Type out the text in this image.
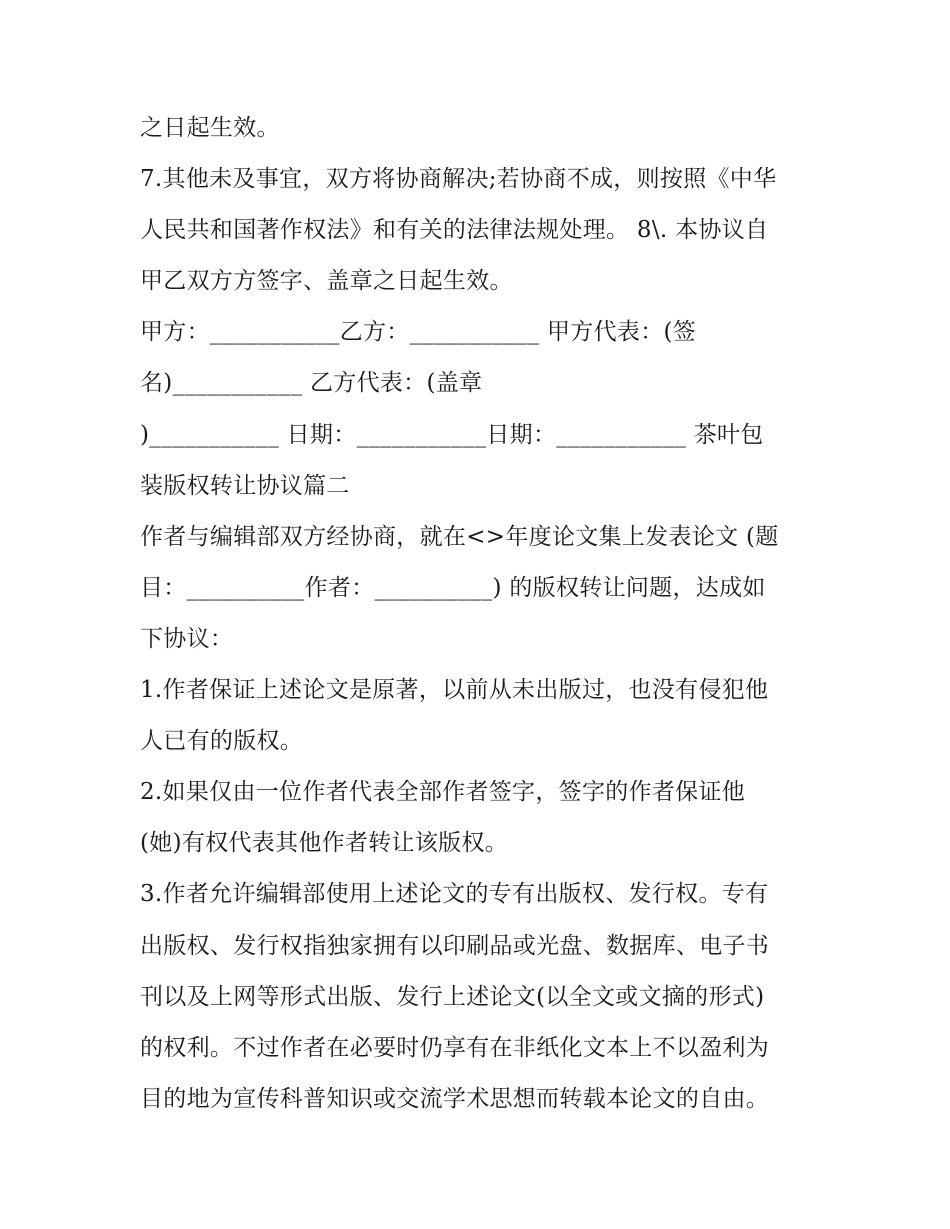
之日起生效。
7.其他未及事宜，双方将协商解决;若协商不成，则按照《中华
人民共和国著作权法》和有关的法律法规处理。 8\. 本协议自
甲乙双方方签字、盖章之日起生效。
甲方：___________乙方：___________ 甲方代表：(签
名)___________ 乙方代表：(盖章
)___________ 日期：___________日期：___________ 茶叶包
装版权转让协议篇二
作者与编辑部双方经协商，就在<>年度论文集上发表论文 (题
目：__________作者：__________) 的版权转让问题，达成如
下协议：
1.作者保证上述论文是原著，以前从未出版过，也没有侵犯他
人已有的版权。
2.如果仅由一位作者代表全部作者签字，签字的作者保证他
(她)有权代表其他作者转让该版权。
3.作者允许编辑部使用上述论文的专有出版权、发行权。专有
出版权、发行权指独家拥有以印刷品或光盘、数据库、电子书
刊以及上网等形式出版、发行上述论文(以全文或文摘的形式)
的权利。不过作者在必要时仍享有在非纸化文本上不以盈利为
目的地为宣传科普知识或交流学术思想而转载本论文的自由。
